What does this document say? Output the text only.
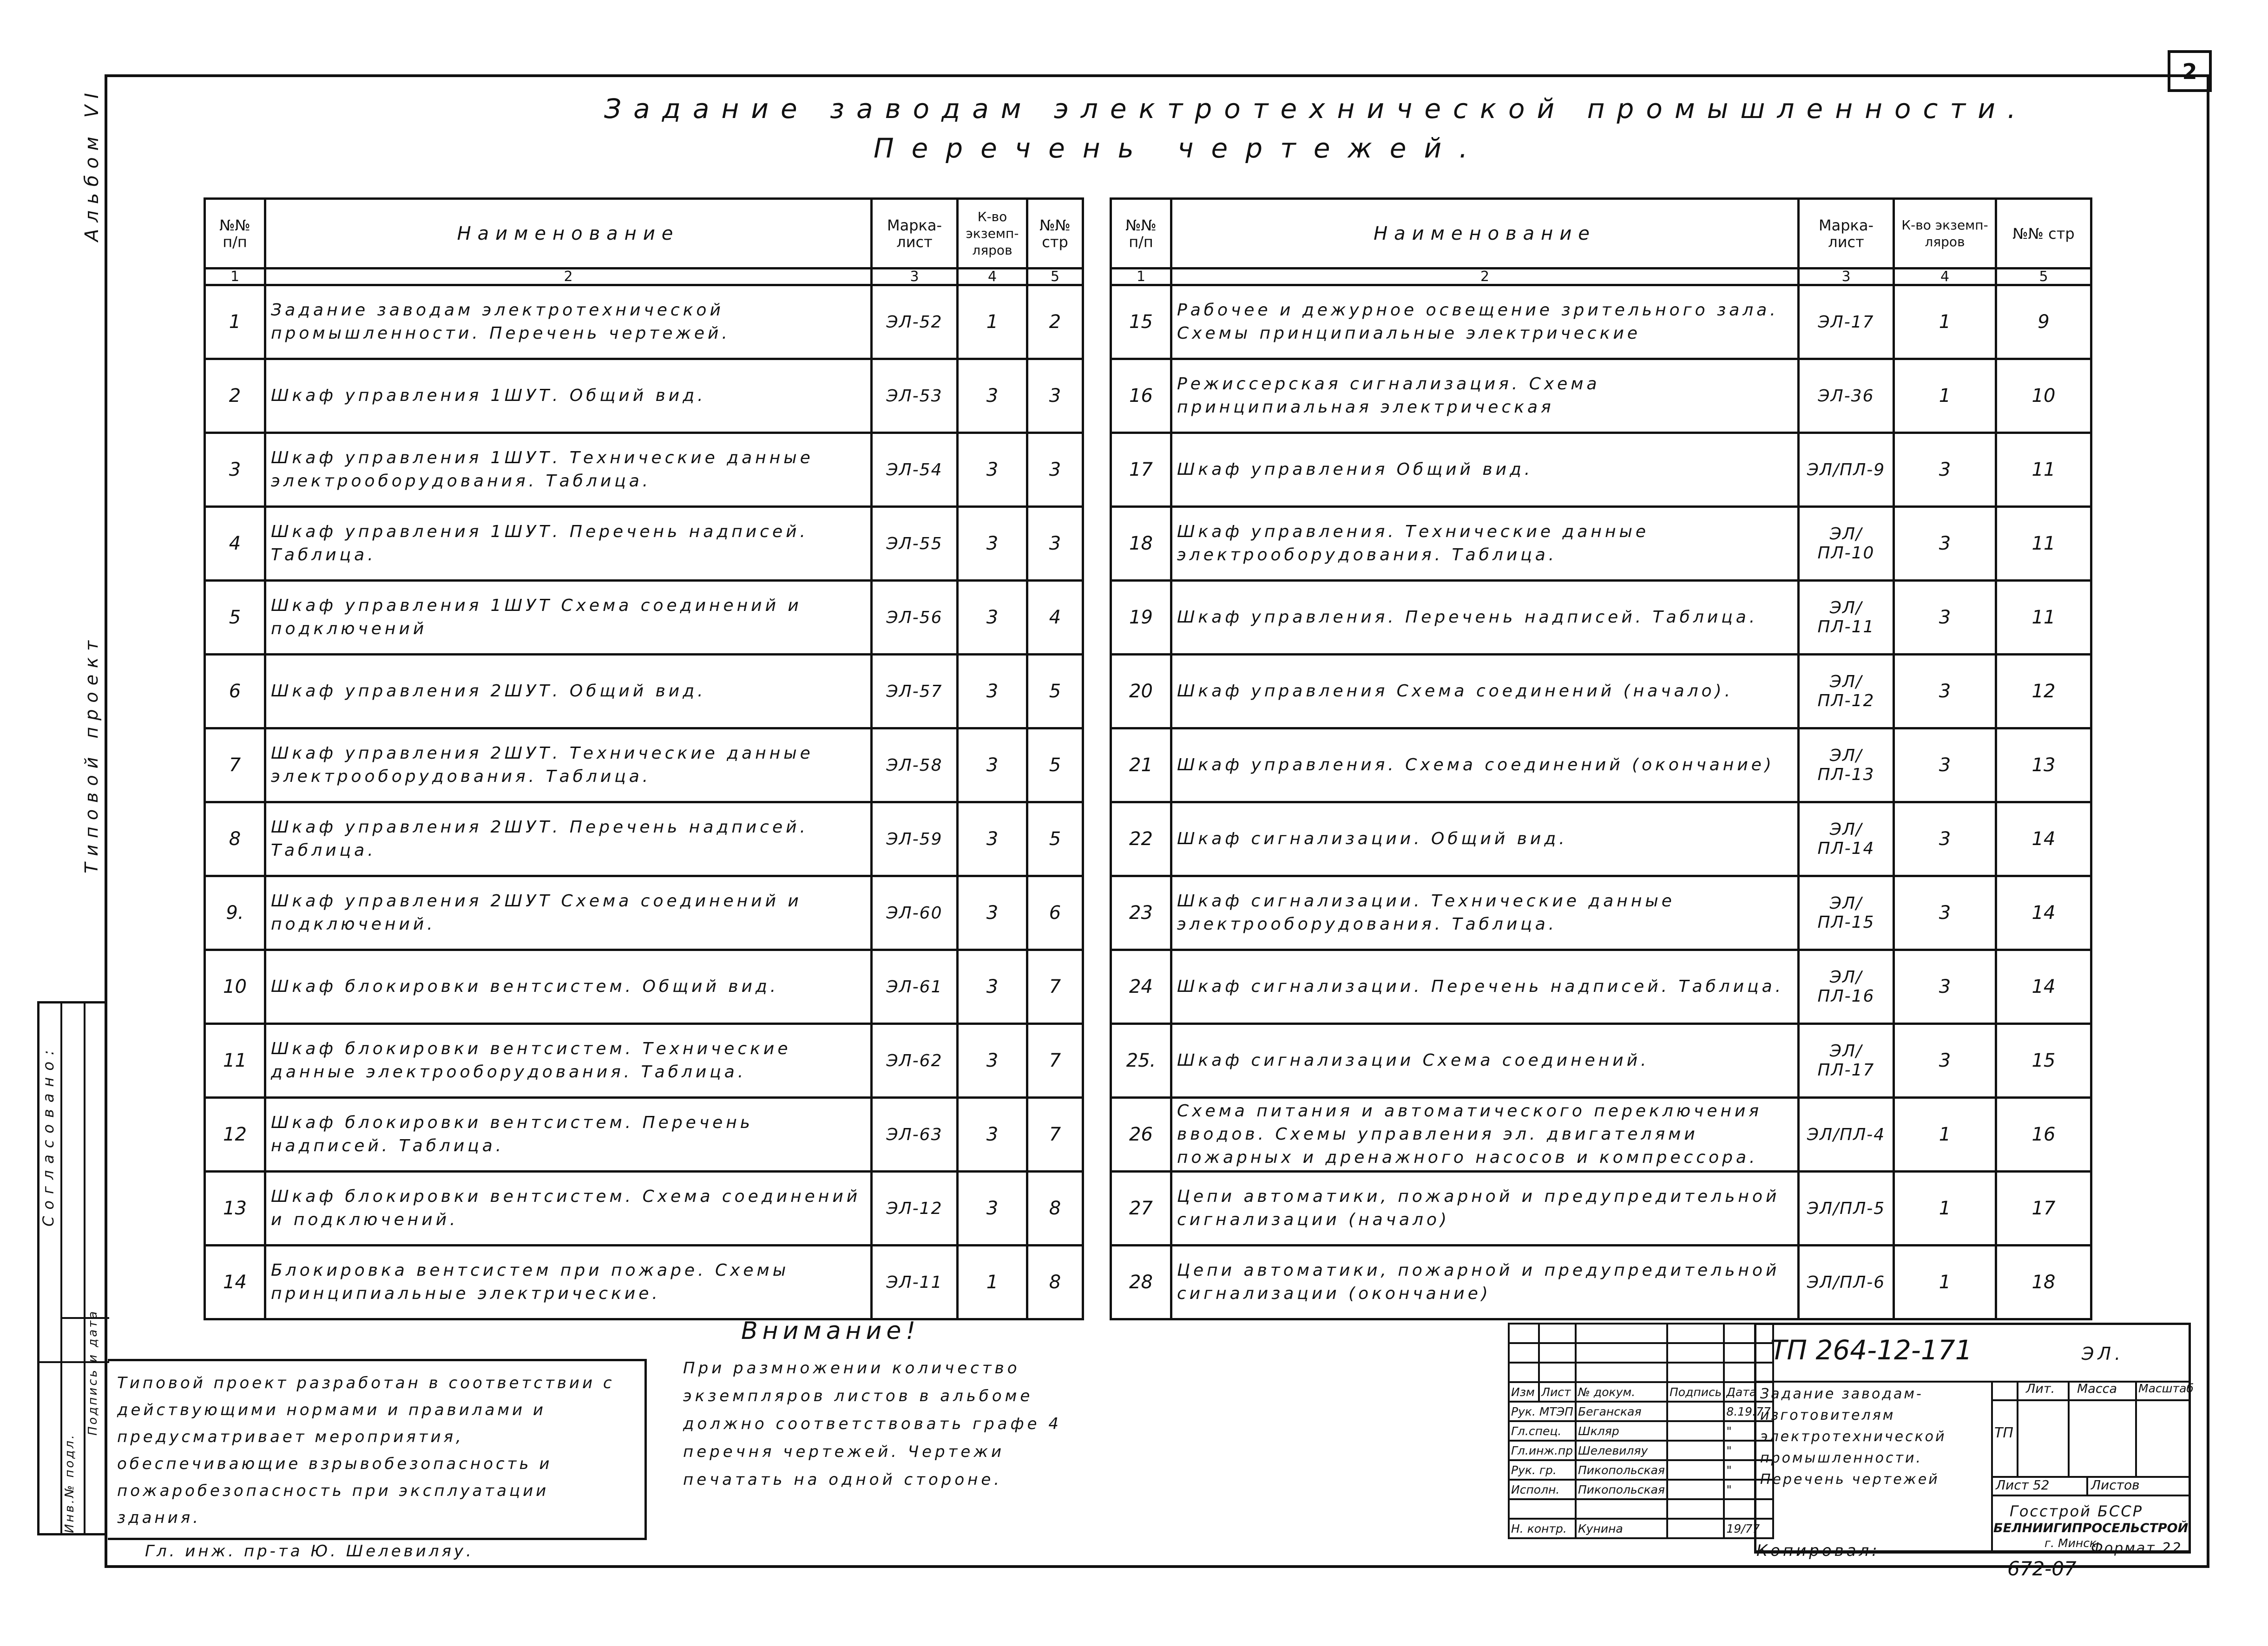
2
Альбом VI
Типовой проект
Согласовано:
Инв.№ подл.
Подпись и дата
Задание заводам электротехнической промышленности.
Перечень чертежей.
№№ п/п	Наименование	Марка-лист	К-во экземп-ляров	№№ стр
1	2	3	4	5
1	Задание заводам электротехнической промышленности. Перечень чертежей.	ЭЛ-52	1	2
2	Шкаф управления 1ШУТ. Общий вид.	ЭЛ-53	3	3
3	Шкаф управления 1ШУТ. Технические данные электрооборудования. Таблица.	ЭЛ-54	3	3
4	Шкаф управления 1ШУТ. Перечень надписей. Таблица.	ЭЛ-55	3	3
5	Шкаф управления 1ШУТ Схема соединений и подключений	ЭЛ-56	3	4
6	Шкаф управления 2ШУТ. Общий вид.	ЭЛ-57	3	5
7	Шкаф управления 2ШУТ. Технические данные электрооборудования. Таблица.	ЭЛ-58	3	5
8	Шкаф управления 2ШУТ. Перечень надписей. Таблица.	ЭЛ-59	3	5
9.	Шкаф управления 2ШУТ Схема соединений и подключений.	ЭЛ-60	3	6
10	Шкаф блокировки вентсистем. Общий вид.	ЭЛ-61	3	7
11	Шкаф блокировки вентсистем. Технические данные электрооборудования. Таблица.	ЭЛ-62	3	7
12	Шкаф блокировки вентсистем. Перечень надписей. Таблица.	ЭЛ-63	3	7
13	Шкаф блокировки вентсистем. Схема соединений и подключений.	ЭЛ-12	3	8
14	Блокировка вентсистем при пожаре. Схемы принципиальные электрические.	ЭЛ-11	1	8
№№ п/п	Наименование	Марка-лист	К-во экземп-ляров	№№ стр
1	2	3	4	5
15	Рабочее и дежурное освещение зрительного зала. Схемы принципиальные электрические	ЭЛ-17	1	9
16	Режиссерская сигнализация. Схема принципиальная электрическая	ЭЛ-36	1	10
17	Шкаф управления Общий вид.	ЭЛ/ПЛ-9	3	11
18	Шкаф управления. Технические данные электрооборудования. Таблица.	ЭЛ/ПЛ-10	3	11
19	Шкаф управления. Перечень надписей. Таблица.	ЭЛ/ПЛ-11	3	11
20	Шкаф управления Схема соединений (начало).	ЭЛ/ПЛ-12	3	12
21	Шкаф управления. Схема соединений (окончание)	ЭЛ/ПЛ-13	3	13
22	Шкаф сигнализации. Общий вид.	ЭЛ/ПЛ-14	3	14
23	Шкаф сигнализации. Технические данные электрооборудования. Таблица.	ЭЛ/ПЛ-15	3	14
24	Шкаф сигнализации. Перечень надписей. Таблица.	ЭЛ/ПЛ-16	3	14
25.	Шкаф сигнализации Схема соединений.	ЭЛ/ПЛ-17	3	15
26	Схема питания и автоматического переключения вводов. Схемы управления эл. двигателями пожарных и дренажного насосов и компрессора.	ЭЛ/ПЛ-4	1	16
27	Цепи автоматики, пожарной и предупредительной сигнализации (начало)	ЭЛ/ПЛ-5	1	17
28	Цепи автоматики, пожарной и предупредительной сигнализации (окончание)	ЭЛ/ПЛ-6	1	18
Типовой проект разработан в соответствии с действующими нормами и правилами и предусматривает мероприятия, обеспечивающие взрывобезопасность и пожаробезопасность при эксплуатации здания.
Гл. инж. пр-та Ю. Шелевиляу.
Внимание!
При размножении количество экземпляров листов в альбоме должно соответствовать графе 4 перечня чертежей. Чертежи печатать на одной стороне.

Изм	Лист	№ докум.	Подпись	Дата
Рук. МТЭП		Беганская		8.19.77
Гл.спец.		Шкляр		"
Гл.инж.пр		Шелевиляу		"
Рук. гр.		Пикопольская		"
Исполн.		Пикопольская		"

Н. контр.		Кунина		19/77
ТП 264-12-171	ЭЛ.
Задание заводам-изготовителям электротехнической промышленности. Перечень чертежей
Лит. Масса Масштаб
ТП
Лист 52	Листов
Госстрой БССР
БЕЛНИИГИПРОСЕЛЬСТРОЙ
г. Минск
Копировал:	Формат 22
672-07
